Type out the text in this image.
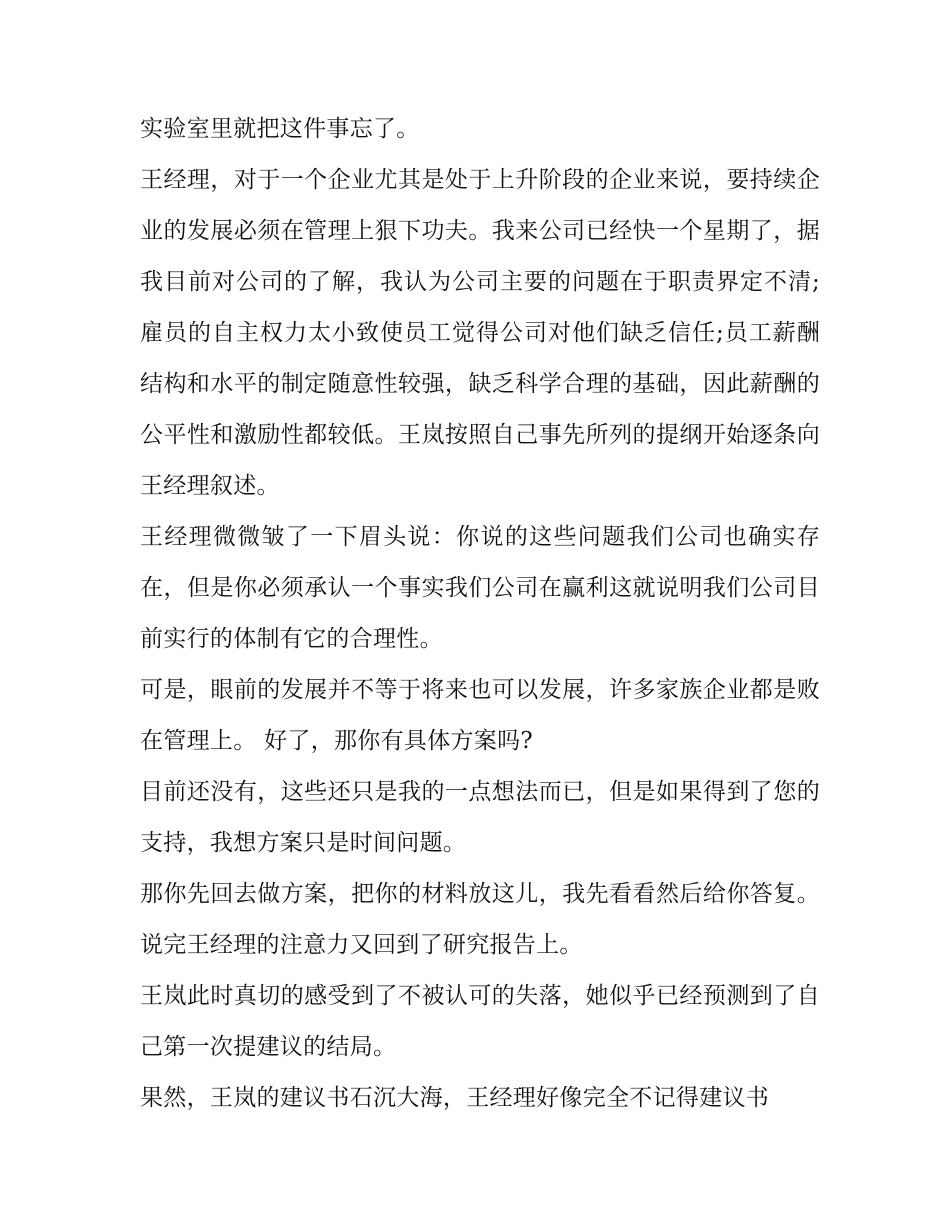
实验室里就把这件事忘了。

王经理，对于一个企业尤其是处于上升阶段的企业来说，要持续企业的发展必须在管理上狠下功夫。我来公司已经快一个星期了，据我目前对公司的了解，我认为公司主要的问题在于职责界定不清;雇员的自主权力太小致使员工觉得公司对他们缺乏信任;员工薪酬结构和水平的制定随意性较强，缺乏科学合理的基础，因此薪酬的公平性和激励性都较低。王岚按照自己事先所列的提纲开始逐条向王经理叙述。

王经理微微皱了一下眉头说：你说的这些问题我们公司也确实存在，但是你必须承认一个事实我们公司在赢利这就说明我们公司目前实行的体制有它的合理性。

可是，眼前的发展并不等于将来也可以发展，许多家族企业都是败在管理上。 好了，那你有具体方案吗?

目前还没有，这些还只是我的一点想法而已，但是如果得到了您的支持，我想方案只是时间问题。

那你先回去做方案，把你的材料放这儿，我先看看然后给你答复。说完王经理的注意力又回到了研究报告上。

王岚此时真切的感受到了不被认可的失落，她似乎已经预测到了自己第一次提建议的结局。

果然，王岚的建议书石沉大海，王经理好像完全不记得建议书
